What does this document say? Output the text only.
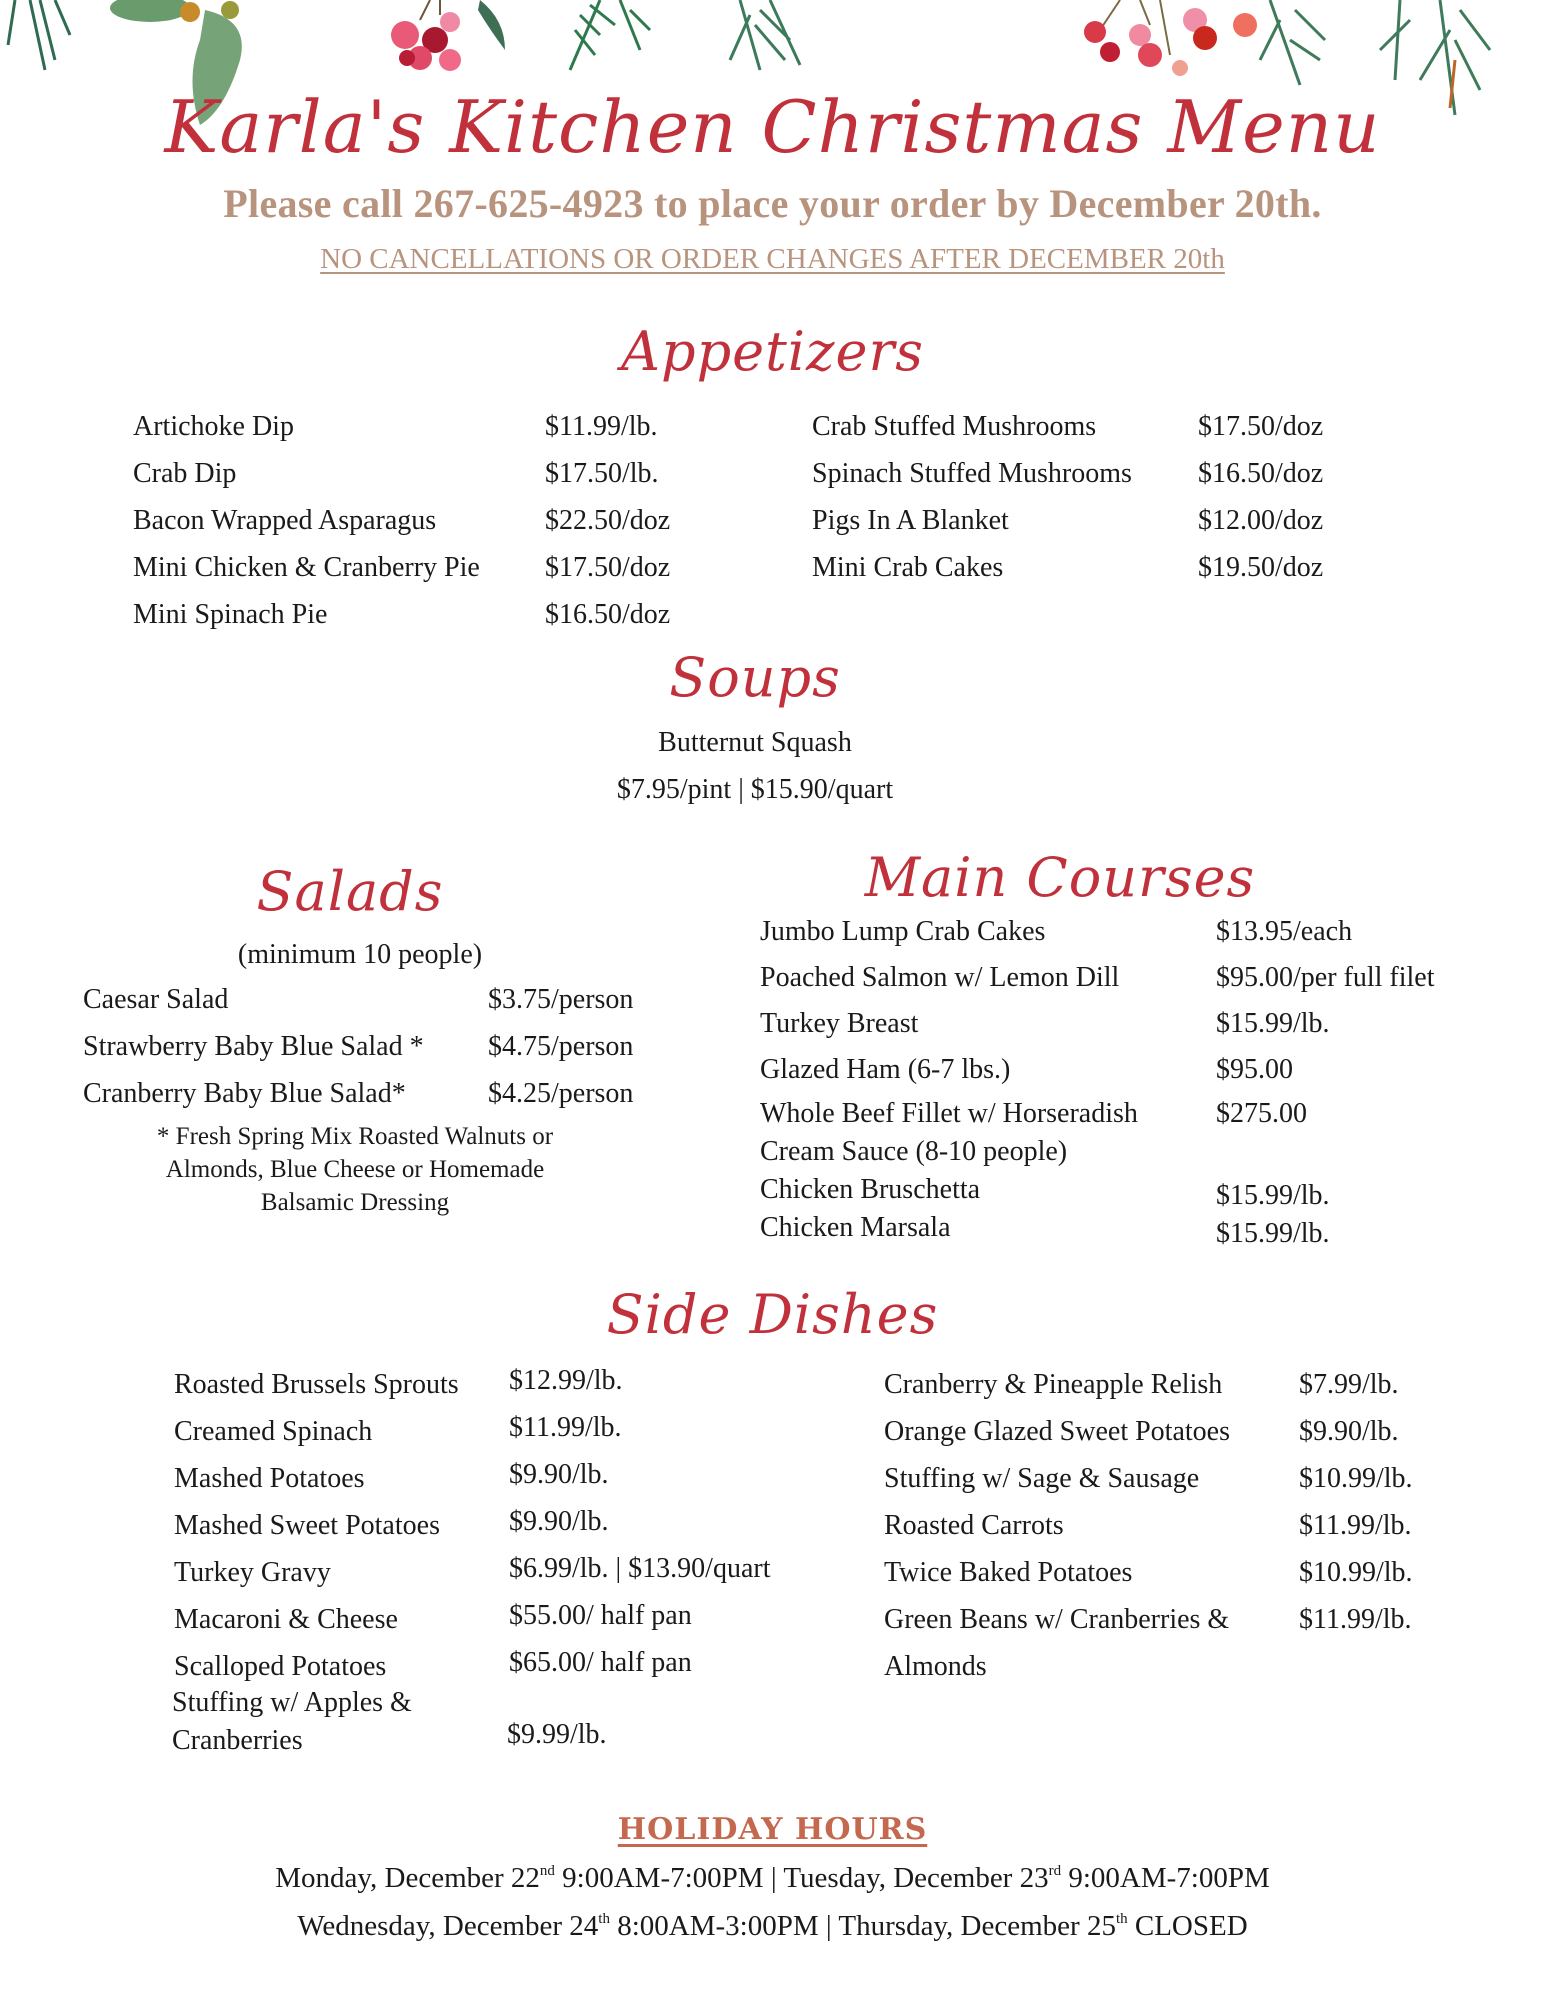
Karla's Kitchen Christmas Menu
Please call 267-625-4923 to place your order by December 20th.
NO CANCELLATIONS OR ORDER CHANGES AFTER DECEMBER 20th
Appetizers
Artichoke Dip	$11.99/lb.
Crab Dip	$17.50/lb.
Bacon Wrapped Asparagus	$22.50/doz
Mini Chicken & Cranberry Pie $17.50/doz
Mini Spinach Pie	$16.50/doz
Crab Stuffed Mushrooms	$17.50/doz
Spinach Stuffed Mushrooms $16.50/doz
Pigs In A Blanket	$12.00/doz
Mini Crab Cakes	$19.50/doz
Soups
Butternut Squash
$7.95/pint | $15.90/quart
Salads
(minimum 10 people)
Caesar Salad	$3.75/person
Strawberry Baby Blue Salad * $4.75/person
Cranberry Baby Blue Salad*	$4.25/person
* Fresh Spring Mix Roasted Walnuts or
Almonds, Blue Cheese or Homemade
Balsamic Dressing
Main Courses
Jumbo Lump Crab Cakes	$13.95/each
Poached Salmon w/ Lemon Dill	$95.00/per full filet
Turkey Breast	$15.99/lb.
Glazed Ham (6-7 lbs.)	$95.00
Whole Beef Fillet w/ Horseradish
Cream Sauce (8-10 people)
$275.00
Chicken Bruschetta	$15.99/lb.
Chicken Marsala	$15.99/lb.
Side Dishes
Roasted Brussels Sprouts $12.99/lb.
Creamed Spinach	$11.99/lb.
Mashed Potatoes	$9.90/lb.
Mashed Sweet Potatoes $9.90/lb.
Turkey Gravy	$6.99/lb. | $13.90/quart
Macaroni & Cheese	$55.00/ half pan
Scalloped Potatoes	$65.00/ half pan
Stuffing w/ Apples &
Cranberries	$9.99/lb.
Cranberry & Pineapple Relish	$7.99/lb.
Orange Glazed Sweet Potatoes $9.90/lb.
Stuffing w/ Sage & Sausage	$10.99/lb.
Roasted Carrots	$11.99/lb.
Twice Baked Potatoes	$10.99/lb.
Green Beans w/ Cranberries &
Almonds
$11.99/lb.
HOLIDAY HOURS
Monday, December 22nd 9:00AM-7:00PM | Tuesday, December 23rd 9:00AM-7:00PM
Wednesday, December 24th 8:00AM-3:00PM | Thursday, December 25th CLOSED
